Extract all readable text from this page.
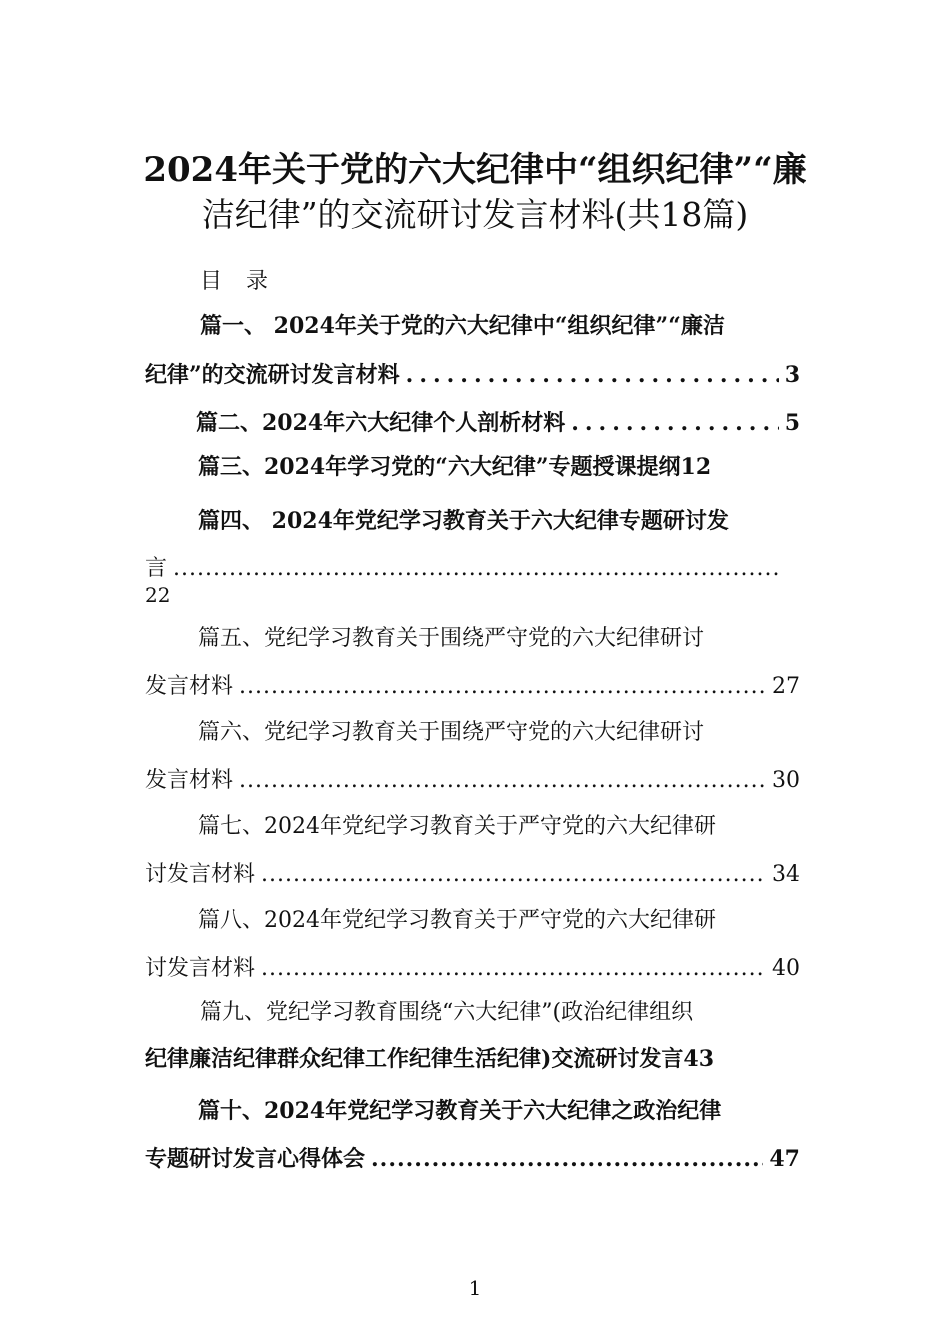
2024年关于党的六大纪律中“组织纪律”“廉
洁纪律”的交流研讨发言材料(共18篇)
目录
篇一、 2024年关于党的六大纪律中“组织纪律”“廉洁
纪律”的交流研讨发言材料 .....	3
篇二、2024年六大纪律个人剖析材料 .....	5
篇三、2024年学习党的“六大纪律”专题授课提纲 12
篇四、 2024年党纪学习教育关于六大纪律专题研讨发
言
.....
22
篇五、党纪学习教育关于围绕严守党的六大纪律研讨
发言材料 .....	27
篇六、党纪学习教育关于围绕严守党的六大纪律研讨
发言材料 .....	30
篇七、2024年党纪学习教育关于严守党的六大纪律研
讨发言材料 .....	34
篇八、2024年党纪学习教育关于严守党的六大纪律研
讨发言材料 .....	40
篇九、党纪学习教育围绕“六大纪律”(政治纪律组织
纪律廉洁纪律群众纪律工作纪律生活纪律)交流研讨发言 43
篇十、2024年党纪学习教育关于六大纪律之政治纪律
专题研讨发言心得体会 .....	47
1
